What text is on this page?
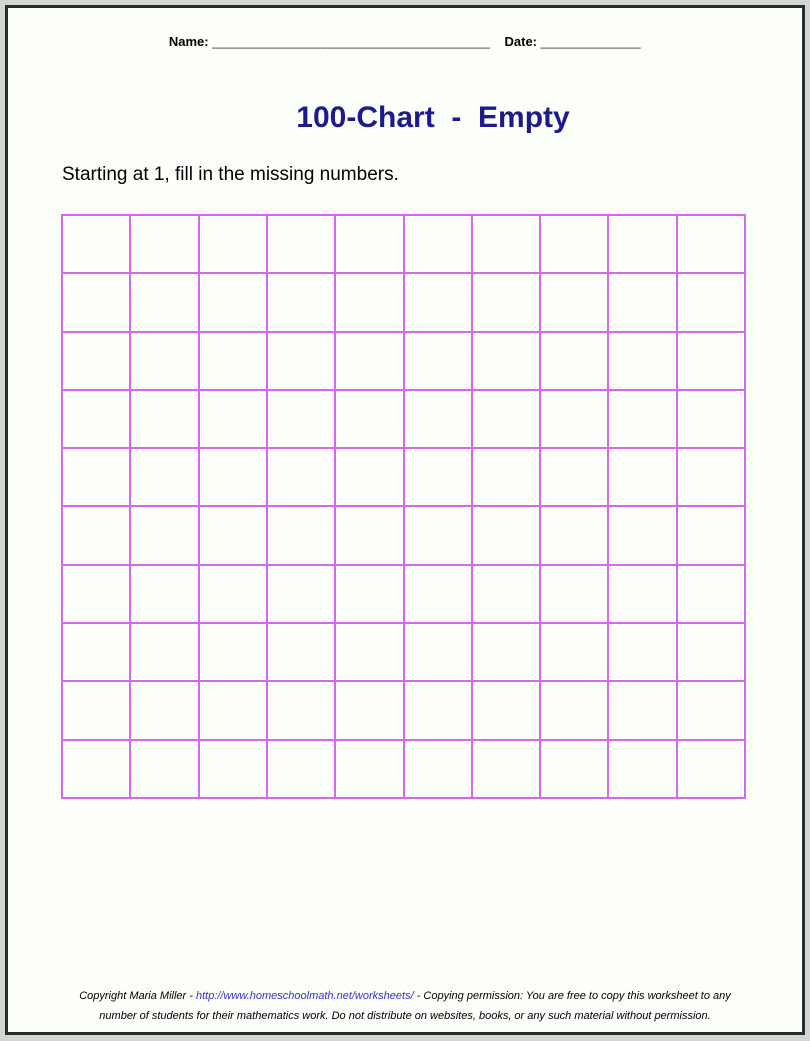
Name: ____________________________________ Date: _____________
100-Chart  -  Empty

Starting at 1, fill in the missing numbers.

Copyright Maria Miller - http://www.homeschoolmath.net/worksheets/ - Copying permission: You are free to copy this worksheet to any
number of students for their mathematics work. Do not distribute on websites, books, or any such material without permission.
